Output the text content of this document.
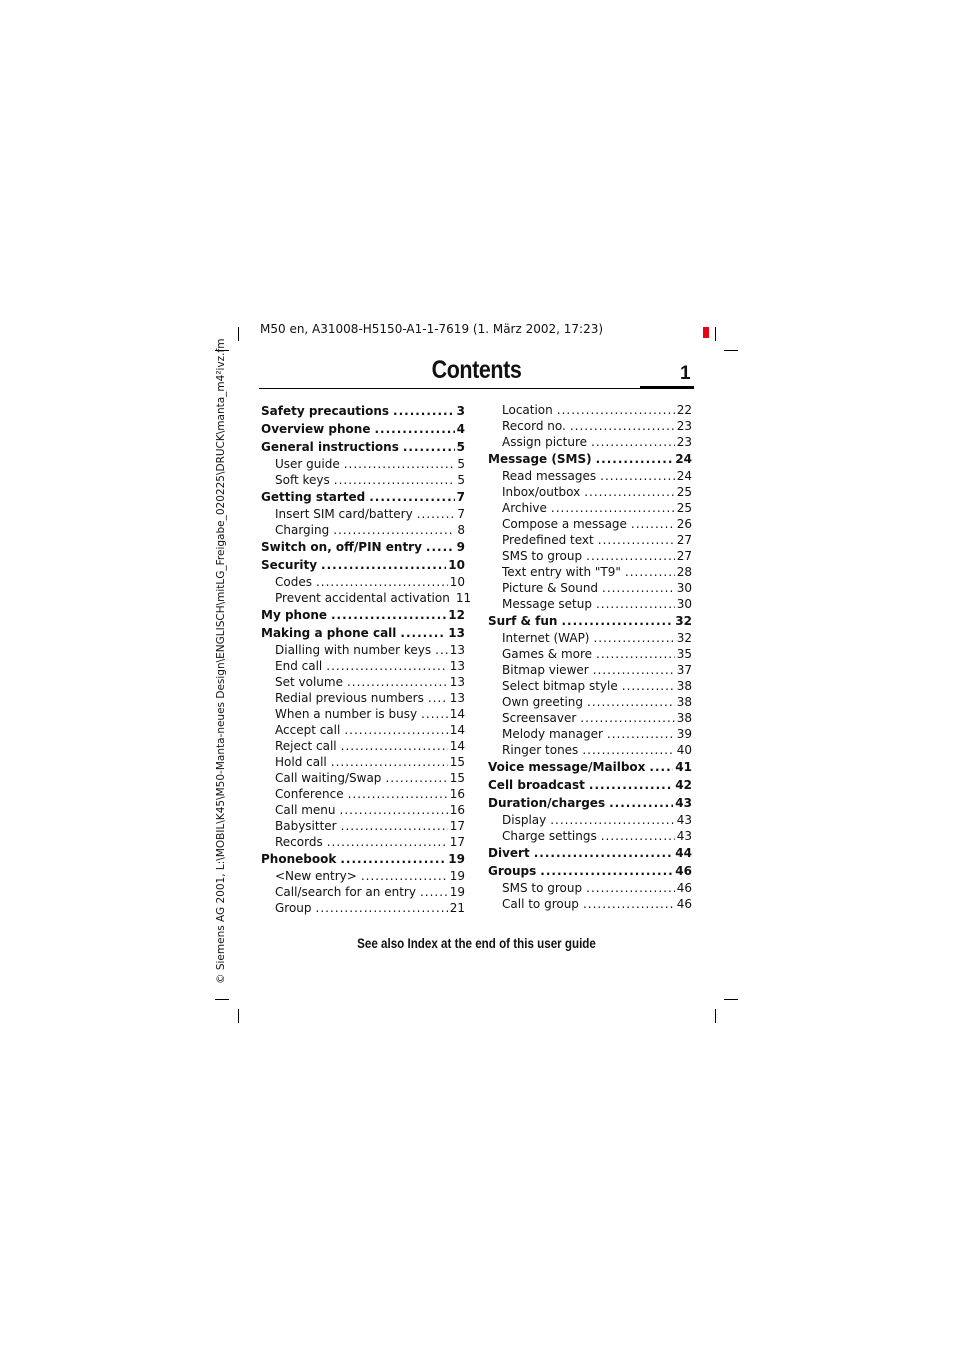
M50 en, A31008-H5150-A1-1-7619 (1. März 2002, 17:23)
© Siemens AG 2001, L:\MOBIL\K45\M50-Manta-neues Design\ENGLISCH\mitLG_Freigabe_020225\DRUCK\manta_m4²ivz.fm	Contents	1
Safety precautions .....	3
Overview phone .....	4
General instructions .....	5
User guide .....	5
Soft keys .....	5
Getting started .....	7
Insert SIM card/battery .....	7
Charging .....	8
Switch on, off/PIN entry .....	9
Security .....	10
Codes .....	10
Prevent accidental activation 11
My phone .....	12
Making a phone call .....	13
Dialling with number keys ..... 13
End call .....	13
Set volume .....	13
Redial previous numbers ..... 13
When a number is busy .....	14
Accept call .....	14
Reject call .....	14
Hold call .....	15
Call waiting/Swap .....	15
Conference .....	16
Call menu .....	16
Babysitter .....	17
Records .....	17
Phonebook .....	19
<New entry> .....	19
Call/search for an entry .....	19
Group .....	21
Location .....	22
Record no. .....	23
Assign picture .....	23
Message (SMS) .....	24
Read messages .....	24
Inbox/outbox .....	25
Archive .....	25
Compose a message .....	26
Predefined text .....	27
SMS to group .....	27
Text entry with "T9" .....	28
Picture & Sound .....	30
Message setup .....	30
Surf & fun .....	32
Internet (WAP) .....	32
Games & more .....	35
Bitmap viewer .....	37
Select bitmap style .....	38
Own greeting .....	38
Screensaver .....	38
Melody manager .....	39
Ringer tones .....	40
Voice message/Mailbox ..... 41
Cell broadcast .....	42
Duration/charges .....	43
Display .....	43
Charge settings .....	43
Divert .....	44
Groups .....	46
SMS to group .....	46
Call to group .....	46
See also Index at the end of this user guide
